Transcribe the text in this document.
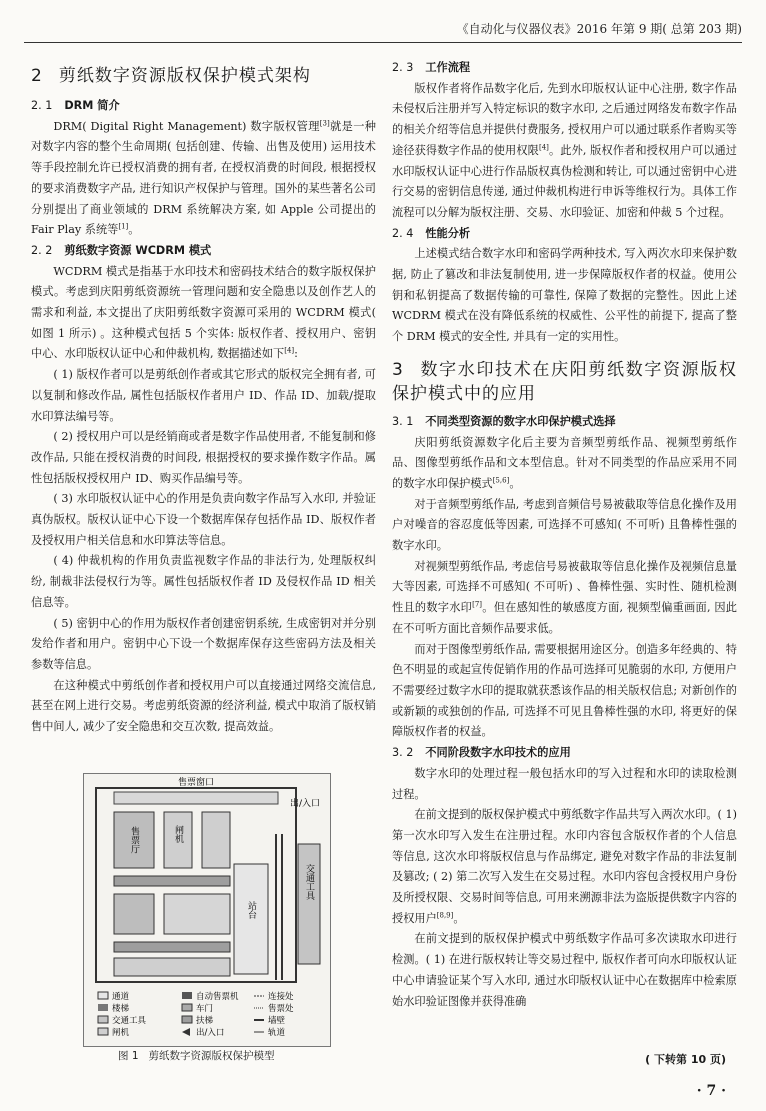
《自动化与仪器仪表》2016 年第 9 期( 总第 203 期)
2 剪纸数字资源版权保护模式架构
2. 1 DRM 简介

DRM( Digital Right Management) 数字版权管理[3]就是一种对数字内容的整个生命周期( 包括创建、传输、出售及使用) 运用技术等手段控制允许已授权消费的拥有者, 在授权消费的时间段, 根据授权的要求消费数字产品, 进行知识产权保护与管理。国外的某些著名公司分别提出了商业领域的 DRM 系统解决方案, 如 Apple 公司提出的 Fair Play 系统等[1]。

2. 2 剪纸数字资源 WCDRM 模式

WCDRM 模式是指基于水印技术和密码技术结合的数字版权保护模式。考虑到庆阳剪纸资源统一管理问题和安全隐患以及创作艺人的需求和利益, 本文提出了庆阳剪纸数字资源可采用的 WCDRM 模式( 如图 1 所示) 。这种模式包括 5 个实体: 版权作者、授权用户、密钥中心、水印版权认证中心和仲裁机构, 数据描述如下[4]:

( 1) 版权作者可以是剪纸创作者或其它形式的版权完全拥有者, 可以复制和修改作品, 属性包括版权作者用户 ID、作品 ID、加载/提取水印算法编号等。

( 2) 授权用户可以是经销商或者是数字作品使用者, 不能复制和修改作品, 只能在授权消费的时间段, 根据授权的要求操作数字作品。属性包括版权授权用户 ID、购买作品编号等。

( 3) 水印版权认证中心的作用是负责向数字作品写入水印, 并验证真伪版权。版权认证中心下设一个数据库保存包括作品 ID、版权作者及授权用户相关信息和水印算法等信息。

( 4) 仲裁机构的作用负责监视数字作品的非法行为, 处理版权纠纷, 制裁非法侵权行为等。属性包括版权作者 ID 及侵权作品 ID 相关信息等。

( 5) 密钥中心的作用为版权作者创建密钥系统, 生成密钥对并分别发给作者和用户。密钥中心下设一个数据库保存这些密码方法及相关参数等信息。

在这种模式中剪纸创作者和授权用户可以直接通过网络交流信息, 甚至在网上进行交易。考虑剪纸资源的经济利益, 模式中取消了版权销售中间人, 减少了安全隐患和交互次数, 提高效益。

售票窗口
出/入口
售票厅	闸机
站台
交通工具
通道	自动售票机	连接处
楼梯	车门	售票处
交通工具	扶梯	墙壁
闸机	出/入口	轨道
图 1 剪纸数字资源版权保护模型
2. 3 工作流程

版权作者将作品数字化后, 先到水印版权认证中心注册, 数字作品未侵权后注册并写入特定标识的数字水印, 之后通过网络发布数字作品的相关介绍等信息并提供付费服务, 授权用户可以通过联系作者购买等途径获得数字作品的使用权限[4]。此外, 版权作者和授权用户可以通过水印版权认证中心进行作品版权真伪检测和转让, 可以通过密钥中心进行交易的密钥信息传递, 通过仲裁机构进行申诉等维权行为。具体工作流程可以分解为版权注册、交易、水印验证、加密和仲裁 5 个过程。

2. 4 性能分析

上述模式结合数字水印和密码学两种技术, 写入两次水印来保护数据, 防止了篡改和非法复制使用, 进一步保障版权作者的权益。使用公钥和私钥提高了数据传输的可靠性, 保障了数据的完整性。因此上述 WCDRM 模式在没有降低系统的权威性、公平性的前提下, 提高了整个 DRM 模式的安全性, 并具有一定的实用性。

3 数字水印技术在庆阳剪纸数字资源版权保护模式中的应用
3. 1 不同类型资源的数字水印保护模式选择

庆阳剪纸资源数字化后主要为音频型剪纸作品、视频型剪纸作品、图像型剪纸作品和文本型信息。针对不同类型的作品应采用不同的数字水印保护模式[5,6]。

对于音频型剪纸作品, 考虑到音频信号易被截取等信息化操作及用户对噪音的容忍度低等因素, 可选择不可感知( 不可听) 且鲁棒性强的数字水印。

对视频型剪纸作品, 考虑信号易被截取等信息化操作及视频信息量大等因素, 可选择不可感知( 不可听) 、鲁棒性强、实时性、随机检测性且的数字水印[7]。但在感知性的敏感度方面, 视频型偏重画面, 因此在不可听方面比音频作品要求低。

而对于图像型剪纸作品, 需要根据用途区分。创造多年经典的、特色不明显的或起宣传促销作用的作品可选择可见脆弱的水印, 方便用户不需要经过数字水印的提取就获悉该作品的相关版权信息; 对新创作的或新颖的或独创的作品, 可选择不可见且鲁棒性强的水印, 将更好的保障版权作者的权益。

3. 2 不同阶段数字水印技术的应用

数字水印的处理过程一般包括水印的写入过程和水印的读取检测过程。

在前文提到的版权保护模式中剪纸数字作品共写入两次水印。( 1) 第一次水印写入发生在注册过程。水印内容包含版权作者的个人信息等信息, 这次水印将版权信息与作品绑定, 避免对数字作品的非法复制及篡改; ( 2) 第二次写入发生在交易过程。水印内容包含授权用户身份及所授权限、交易时间等信息, 可用来溯源非法为盗版提供数字内容的授权用户[8,9]。

在前文提到的版权保护模式中剪纸数字作品可多次读取水印进行检测。( 1) 在进行版权转让等交易过程中, 版权作者可向水印版权认证中心申请验证某个写入水印, 通过水印版权认证中心在数据库中检索原始水印验证图像并获得准确

( 下转第 10 页)
· 7 ·
